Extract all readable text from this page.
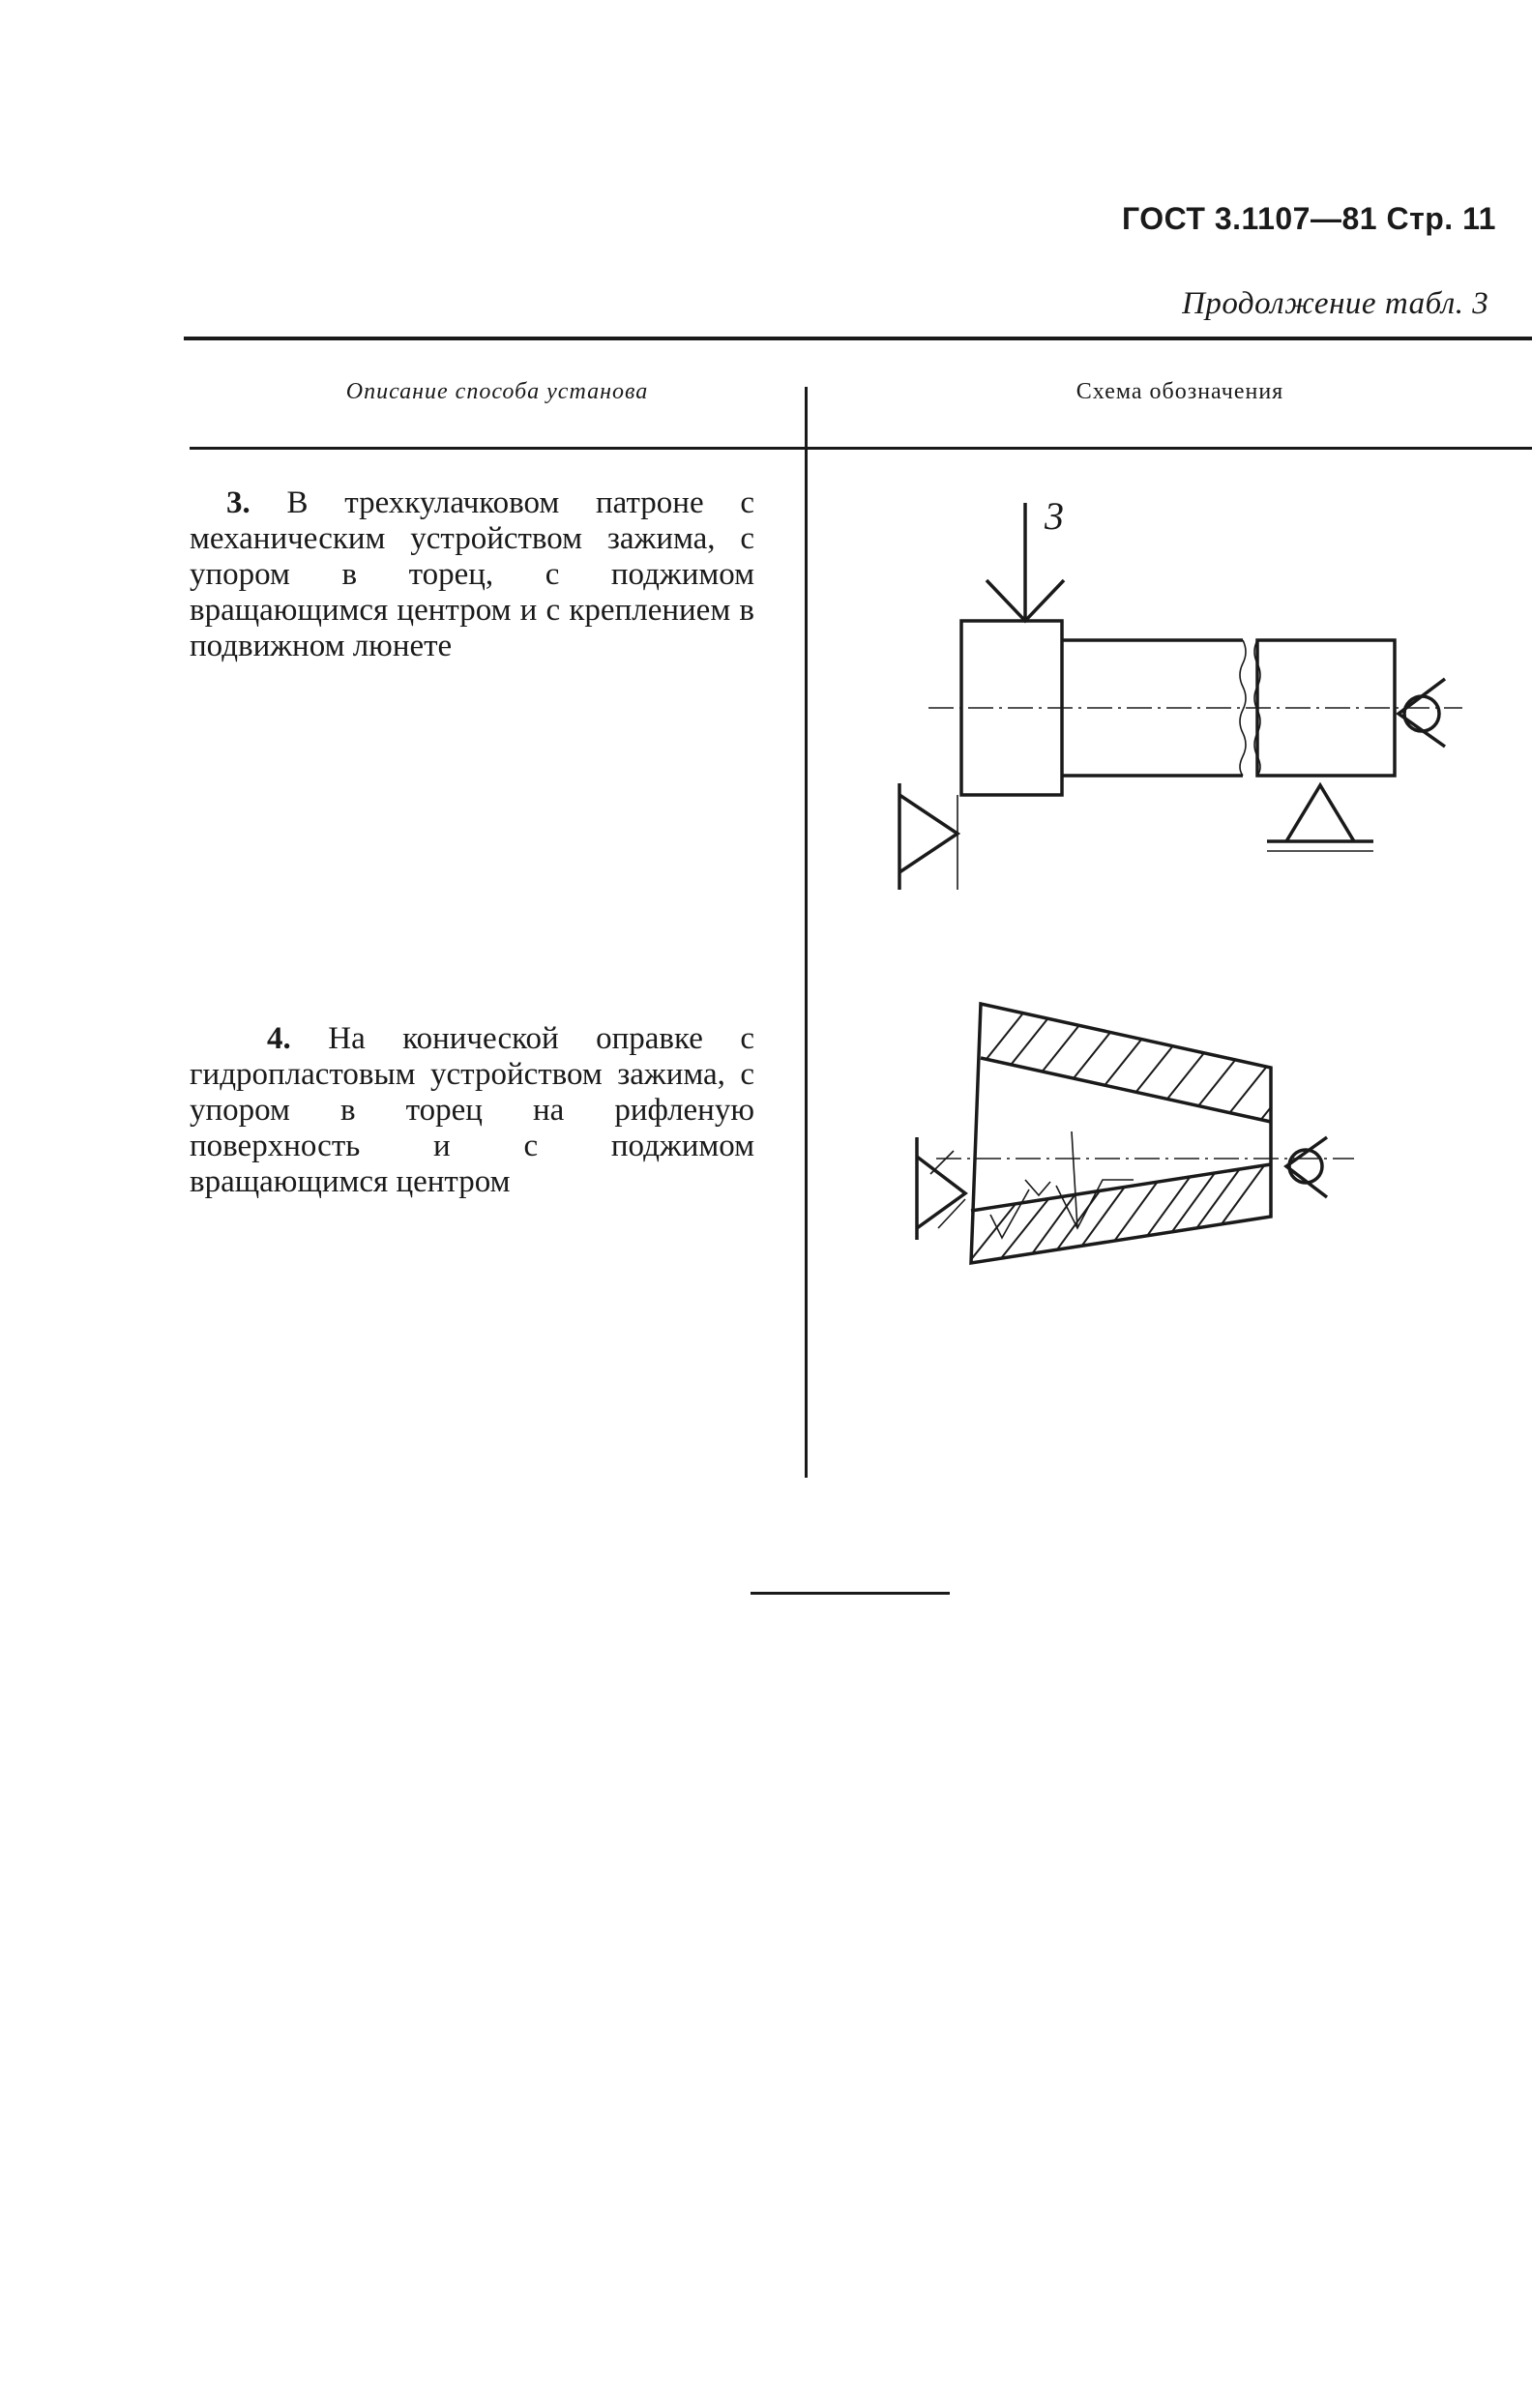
ГОСТ 3.1107—81 Стр. 11
Продолжение табл. 3
Описание способа установа	Схема обозначения
3. В трехкулачковом патроне с механическим устройством зажима, с упором в торец, с поджимом вращающимся центром и с креплением в подвижном люнете
4. На конической оправке с гидропластовым устройством зажима, с упором в торец на рифленую поверхность и с поджимом вращающимся центром
3
